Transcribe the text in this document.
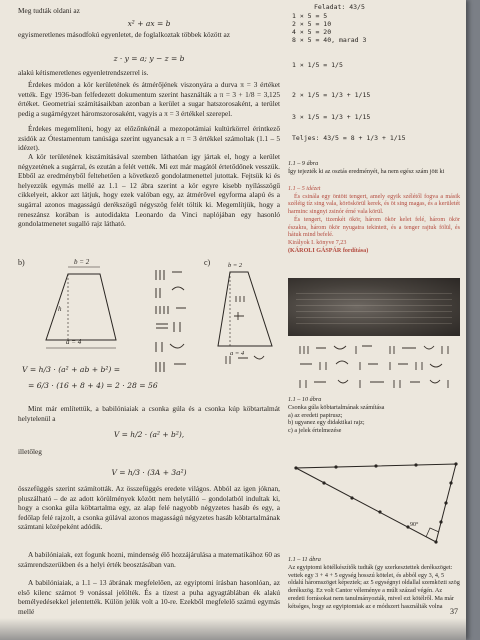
Meg tudták oldani az

x² + ax = b

egyismeretlenes másodfokú egyenletet, de foglalkoztak többek között az

z · y = a; y − z = b

alakú kétismeretlenes egyenletrendszerrel is.

Érdekes módon a kör kerületének és átmérőjének viszonyára a durva π = 3 értéket vették. Egy 1936-ban felfedezett dokumentum szerint használták a π = 3 + 1/8 = 3,125 értéket. Geometriai számításaikban azonban a kerület a sugar hatszorosaként, a terület pedig a sugárnégyzet háromszorosaként, vagyis a π = 3 értékkel szerepel.

Érdekes megemlíteni, hogy az előzőnkénál a mezopotámiai kultúrkörrel érintkező zsidók az Ótestamentum tanúsága szerint ugyancsak a π = 3 értékkel számoltak (1.1 – 5 idézet).

A kör területének kiszámításával szemben láthatóan igy jártak el, hogy a kerület négyzetének a sugárral, és ezután a felét vették. Mi ezt már magától értetődőnek vesszük. Ebből az eredményből feltehetően a következő gondolatmenettel jutottak. Fejtsük ki és helyezzük egymás mellé az 1.1 – 12 ábra szerint a kör egyre kisebb nyílásszögű cikkelyeit, akkor azt látjuk, hogy ezek valóban egy, az átmérővel egyforma alapú és a sugárral azonos magasságú derékszögű négyszög felét töltik ki. Megemlítjük, hogy a reneszánsz korában is autodidakta Leonardo da Vinci naplójában egy hasonló gondolatmenetet sugalló rajz látható.

b)	b = 2
h
a = 4
c)	b = 2
a = 4
V = h/3 · (a² + ab + b²) =
= 6/3 · (16 + 8 + 4) = 2 · 28 = 56

Mint már említettük, a babilóniaiak a csonka gúla és a csonka kúp köbtartalmát helytelenül a

V = h/2 · (a² + b²),
illetőleg
V = h/3 · (3A + 3a²)

összefüggés szerint számították. Az összefüggés eredete világos. Abból az igen jóknan, pluszálható – de az adott körülmények között nem helytálló – gondolatból indultak ki, hogy a csonka gúla köbtartalma egy, az alap felé nagyobb négyzetes hasáb és egy, a fedőlap felé rajzolt, a csonka gúlával azonos magasságú négyzetes hasáb köbtartalmának számtani középeként adódik.

A babilóniaiak, ezt fogunk hozni, mindenség élő hozzájárulása a matematikához 60 as számrendszerükben és a helyi érték beosztásában van.

A babilóniaiak, a 1.1 – 13 ábrának megfelelően, az egyiptomi írásban hasonlóan, az első kilenc számot 9 vonással jelölték. És a tízest a puha agyagtáblában ék alakú bemélyedésekkel jelentették. Külön jelük volt a 10-re. Ezekből megfelelő számú egymás mellé

Feladat: 43/5
1 × 5 = 5
2 × 5 = 10
4 × 5 = 20
8 × 5 = 40, marad 3
1 × 1/5 = 1/5
2 × 1/5 = 1/3 + 1/15
3 × 1/5 = 1/3 + 1/15
Teljes: 43/5 = 8 + 1/3 + 1/15

1.1 – 9 ábra
Így tejezték ki az osztás eredményét, ha nem egész szám jött ki

1.1 – 5 idézet

És csinála egy öntött tengert, amely egyik szélétől fogva a másik széléig tíz sing vala, köröskörül kerek, és öt sing magas, és a kerületét harminc singnyi zsinór érné vala körül.

És tengert, tizenkét ökör, három ökör kelet felé, három ökör északra, három ökör nyugatra tekintett, és a tenger rajtuk fölül, és hátuk mind befelé.

Királyok I. könyve 7,23
(KÁROLI GÁSPÁR fordítása)
1.1 – 10 ábra
Csonka gúla köbtartalmának számítása
a) az eredeti papirusz;
b) ugyanez egy didaktikai rajz;
c) a jelek értelmezése
90°
1.1 – 11 ábra
Az egyiptomi kötélkészítők tudták (gy szerkesztettek derékszöget: vettek egy 3 + 4 + 5 egység hosszú kötelet, és abból egy 3, 4, 5 oldalú háromszöget képeztek; az 5 egységnyi oldallal szemközti szög derékszög. Ez volt Cantor véleménye a múlt század végén. Az eredeti forrásokat nem tanulmányozták, mivel ezt kötélről. Ma már kétséges, hogy az egyiptomiak az e módszert használták volna
37
